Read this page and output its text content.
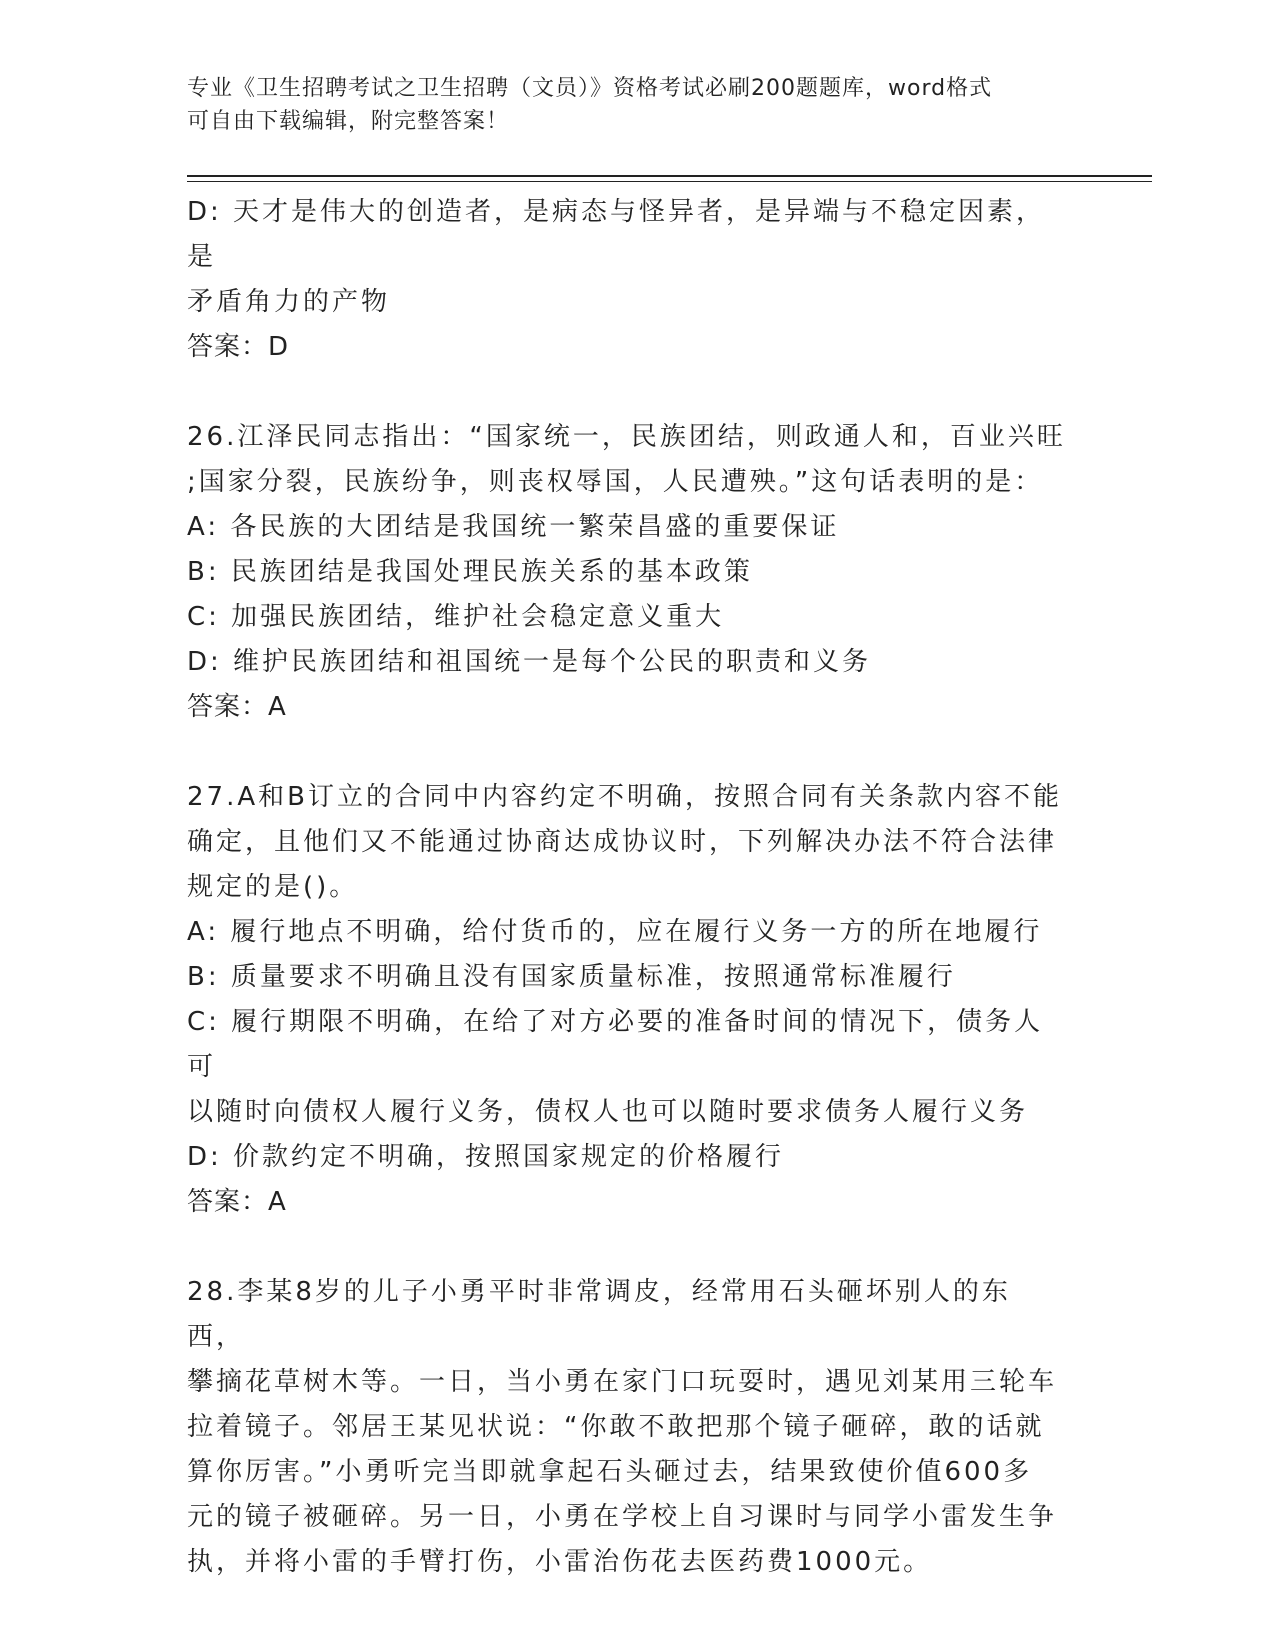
专业《卫生招聘考试之卫生招聘（文员）》资格考试必刷200题题库，word格式
可自由下载编辑，附完整答案！

D: 天才是伟大的创造者，是病态与怪异者，是异端与不稳定因素，是

矛盾角力的产物

答案：D

26.江泽民同志指出：“国家统一，民族团结，则政通人和，百业兴旺

;国家分裂，民族纷争，则丧权辱国，人民遭殃。”这句话表明的是：

A: 各民族的大团结是我国统一繁荣昌盛的重要保证

B: 民族团结是我国处理民族关系的基本政策

C: 加强民族团结，维护社会稳定意义重大

D: 维护民族团结和祖国统一是每个公民的职责和义务

答案：A

27.A和B订立的合同中内容约定不明确，按照合同有关条款内容不能

确定，且他们又不能通过协商达成协议时，下列解决办法不符合法律

规定的是()。

A: 履行地点不明确，给付货币的，应在履行义务一方的所在地履行

B: 质量要求不明确且没有国家质量标准，按照通常标准履行

C: 履行期限不明确，在给了对方必要的准备时间的情况下，债务人可

以随时向债权人履行义务，债权人也可以随时要求债务人履行义务

D: 价款约定不明确，按照国家规定的价格履行

答案：A

28.李某8岁的儿子小勇平时非常调皮，经常用石头砸坏别人的东西，

攀摘花草树木等。一日，当小勇在家门口玩耍时，遇见刘某用三轮车

拉着镜子。邻居王某见状说：“你敢不敢把那个镜子砸碎，敢的话就

算你厉害。”小勇听完当即就拿起石头砸过去，结果致使价值600多

元的镜子被砸碎。另一日，小勇在学校上自习课时与同学小雷发生争

执，并将小雷的手臂打伤，小雷治伤花去医药费1000元。
